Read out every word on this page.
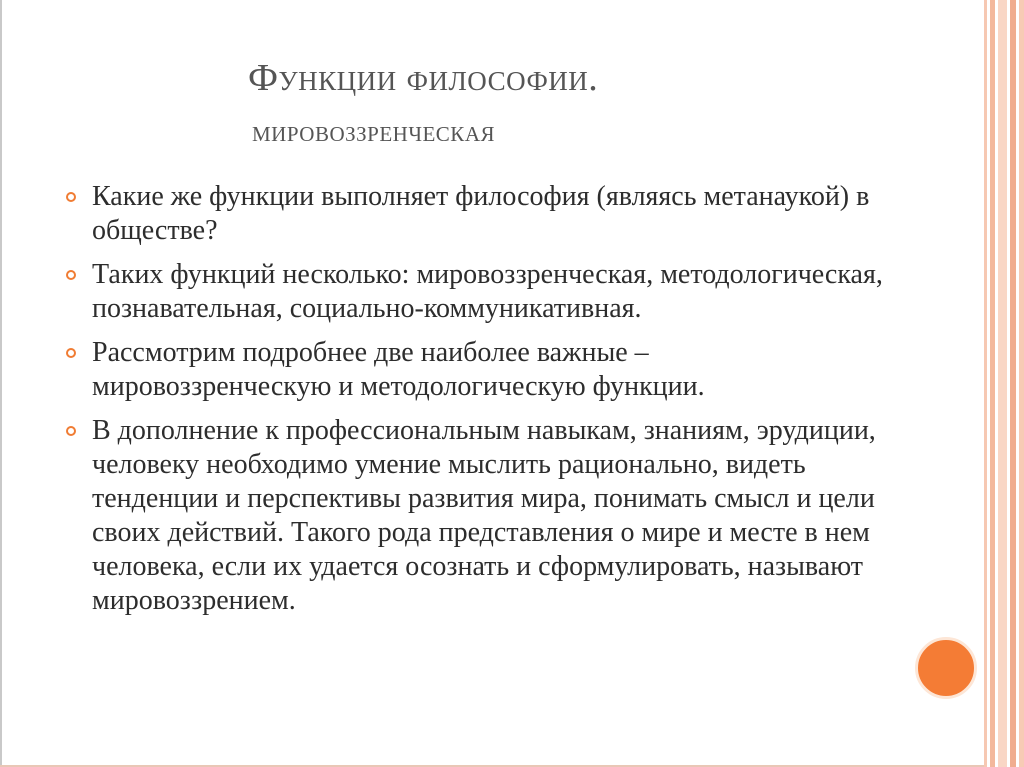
Функции философии.
мировоззренческая
Какие же функции выполняет философия (являясь метанаукой) в обществе?
Таких функций несколько: мировоззренческая, методологическая, познавательная, социально-коммуникативная.
Рассмотрим подробнее две наиболее важные – мировоззренческую и методологическую функции.
В дополнение к профессиональным навыкам, знаниям, эрудиции, человеку необходимо умение мыслить рационально, видеть тенденции и перспективы развития мира, понимать смысл и цели своих действий. Такого рода представления о мире и месте в нем человека, если их удается осознать и сформулировать, называют мировоззрением.
